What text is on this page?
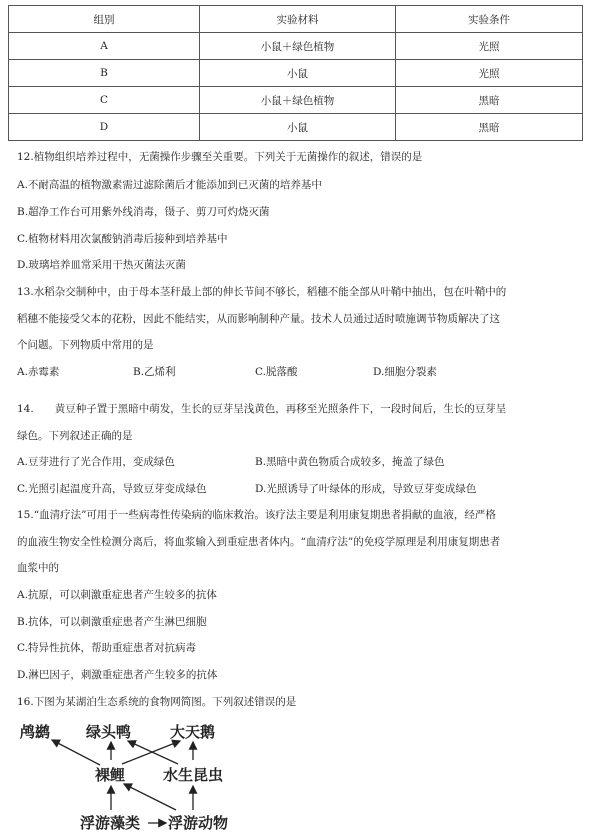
组别	实验材料	实验条件
A	小鼠＋绿色植物	光照
B	小鼠	光照
C	小鼠＋绿色植物	黑暗
D	小鼠	黑暗
12.植物组织培养过程中，无菌操作步骤至关重要。下列关于无菌操作的叙述，错误的是
A.不耐高温的植物激素需过滤除菌后才能添加到已灭菌的培养基中
B.超净工作台可用紫外线消毒，镊子、剪刀可灼烧灭菌
C.植物材料用次氯酸钠消毒后接种到培养基中
D.玻璃培养皿常采用干热灭菌法灭菌
13.水稻杂交制种中，由于母本茎秆最上部的伸长节间不够长，稻穗不能全部从叶鞘中抽出，包在叶鞘中的
稻穗不能接受父本的花粉，因此不能结实，从而影响制种产量。技术人员通过适时喷施调节物质解决了这
个问题。下列物质中常用的是
A.赤霉素	B.乙烯利	C.脱落酸	D.细胞分裂素
14.　　黄豆种子置于黑暗中萌发，生长的豆芽呈浅黄色，再移至光照条件下，一段时间后，生长的豆芽呈
绿色。下列叙述正确的是
A.豆芽进行了光合作用，变成绿色	B.黑暗中黄色物质合成较多，掩盖了绿色
C.光照引起温度升高，导致豆芽变成绿色	D.光照诱导了叶绿体的形成，导致豆芽变成绿色
15.“血清疗法”可用于一些病毒性传染病的临床救治。该疗法主要是利用康复期患者捐献的血液，经严格
的血液生物安全性检测分离后，将血浆输入到重症患者体内。“血清疗法”的免疫学原理是利用康复期患者
血浆中的
A.抗原，可以刺激重症患者产生较多的抗体
B.抗体，可以刺激重症患者产生淋巴细胞
C.特异性抗体，帮助重症患者对抗病毒
D.淋巴因子，刺激重症患者产生较多的抗体
16.下图为某湖泊生态系统的食物网简图。下列叙述错误的是
鸬鹚 绿头鸭	大天鹅
裸鲤	水生昆虫
浮游藻类 浮游动物
